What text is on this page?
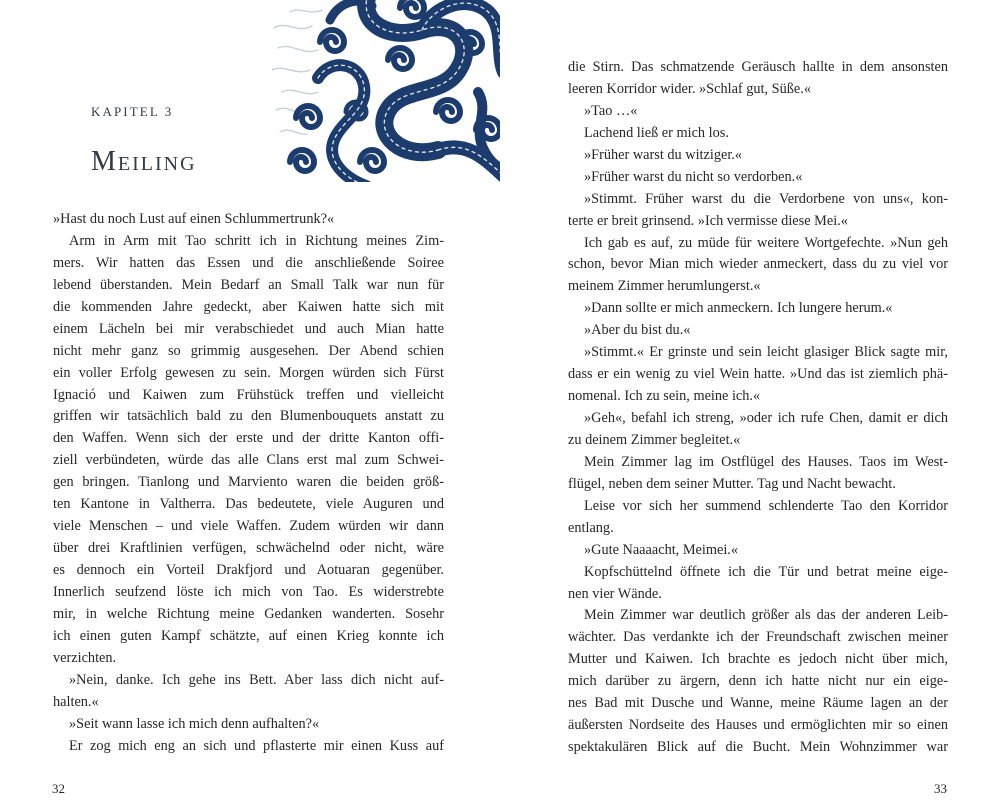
KAPITEL 3
Meiling
»Hast du noch Lust auf einen Schlummertrunk?«
Arm in Arm mit Tao schritt ich in Richtung meines Zim-
mers. Wir hatten das Essen und die anschließende Soiree
lebend überstanden. Mein Bedarf an Small Talk war nun für
die kommenden Jahre gedeckt, aber Kaiwen hatte sich mit
einem Lächeln bei mir verabschiedet und auch Mian hatte
nicht mehr ganz so grimmig ausgesehen. Der Abend schien
ein voller Erfolg gewesen zu sein. Morgen würden sich Fürst
Ignació und Kaiwen zum Frühstück treffen und vielleicht
griffen wir tatsächlich bald zu den Blumenbouquets anstatt zu
den Waffen. Wenn sich der erste und der dritte Kanton offi-
ziell verbündeten, würde das alle Clans erst mal zum Schwei-
gen bringen. Tianlong und Marviento waren die beiden größ-
ten Kantone in Valtherra. Das bedeutete, viele Auguren und
viele Menschen – und viele Waffen. Zudem würden wir dann
über drei Kraftlinien verfügen, schwächelnd oder nicht, wäre
es dennoch ein Vorteil Drakfjord und Aotuaran gegenüber.
Innerlich seufzend löste ich mich von Tao. Es widerstrebte
mir, in welche Richtung meine Gedanken wanderten. Sosehr
ich einen guten Kampf schätzte, auf einen Krieg konnte ich
verzichten.
»Nein, danke. Ich gehe ins Bett. Aber lass dich nicht auf-
halten.«
»Seit wann lasse ich mich denn aufhalten?«
Er zog mich eng an sich und pflasterte mir einen Kuss auf
32
die Stirn. Das schmatzende Geräusch hallte in dem ansonsten
leeren Korridor wider. »Schlaf gut, Süße.«
»Tao …«
Lachend ließ er mich los.
»Früher warst du witziger.«
»Früher warst du nicht so verdorben.«
»Stimmt. Früher warst du die Verdorbene von uns«, kon-
terte er breit grinsend. »Ich vermisse diese Mei.«
Ich gab es auf, zu müde für weitere Wortgefechte. »Nun geh
schon, bevor Mian mich wieder anmeckert, dass du zu viel vor
meinem Zimmer herumlungerst.«
»Dann sollte er mich anmeckern. Ich lungere herum.«
»Aber du bist du.«
»Stimmt.« Er grinste und sein leicht glasiger Blick sagte mir,
dass er ein wenig zu viel Wein hatte. »Und das ist ziemlich phä-
nomenal. Ich zu sein, meine ich.«
»Geh«, befahl ich streng, »oder ich rufe Chen, damit er dich
zu deinem Zimmer begleitet.«
Mein Zimmer lag im Ostflügel des Hauses. Taos im West-
flügel, neben dem seiner Mutter. Tag und Nacht bewacht.
Leise vor sich her summend schlenderte Tao den Korridor
entlang.
»Gute Naaaacht, Meimei.«
Kopfschüttelnd öffnete ich die Tür und betrat meine eige-
nen vier Wände.
Mein Zimmer war deutlich größer als das der anderen Leib-
wächter. Das verdankte ich der Freundschaft zwischen meiner
Mutter und Kaiwen. Ich brachte es jedoch nicht über mich,
mich darüber zu ärgern, denn ich hatte nicht nur ein eige-
nes Bad mit Dusche und Wanne, meine Räume lagen an der
äußersten Nordseite des Hauses und ermöglichten mir so einen
spektakulären Blick auf die Bucht. Mein Wohnzimmer war
33
